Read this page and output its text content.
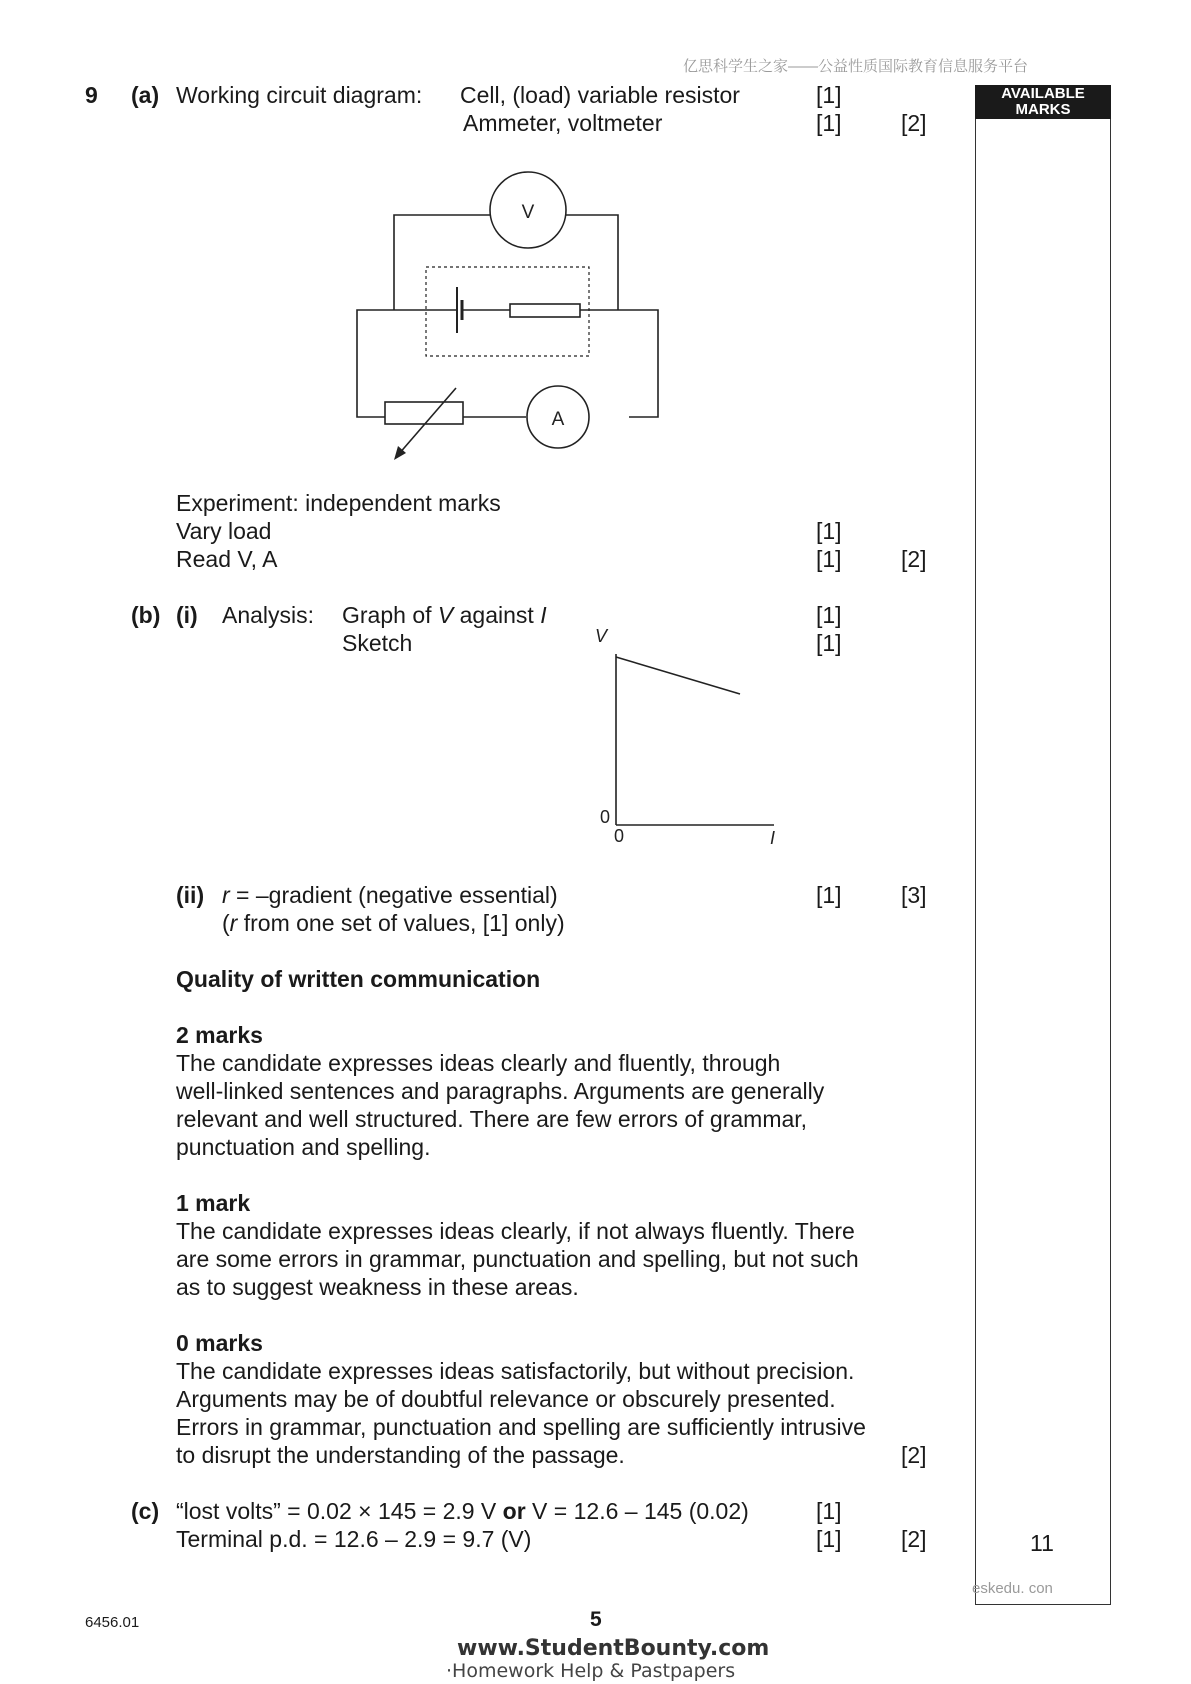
亿思科学生之家——公益性质国际教育信息服务平台
AVAILABLE
MARKS
11
eskedu. con
9 (a) Working circuit diagram: Cell, (load) variable resistor	[1]
Ammeter, voltmeter	[1]	[2]
V
A
Experiment: independent marks
Vary load	[1]
Read V, A	[1]	[2]
(b) (i) Analysis: Graph of V against I	[1]
Sketch	[1]
V
I
0
0
(ii) r = –gradient (negative essential)	[1]	[3]
(r from one set of values, [1] only)
Quality of written communication
2 marks
The candidate expresses ideas clearly and fluently, through
well-linked sentences and paragraphs. Arguments are generally
relevant and well structured. There are few errors of grammar,
punctuation and spelling.
1 mark
The candidate expresses ideas clearly, if not always fluently. There
are some errors in grammar, punctuation and spelling, but not such
as to suggest weakness in these areas.
0 marks
The candidate expresses ideas satisfactorily, but without precision.
Arguments may be of doubtful relevance or obscurely presented.
Errors in grammar, punctuation and spelling are sufficiently intrusive
to disrupt the understanding of the passage.	[2]
(c) “lost volts” = 0.02 × 145 = 2.9 V or V = 12.6 – 145 (0.02)	[1]
Terminal p.d. = 12.6 – 2.9 = 9.7 (V)	[1]	[2]
6456.01	5
www.StudentBounty.com
·Homework Help & Pastpapers
